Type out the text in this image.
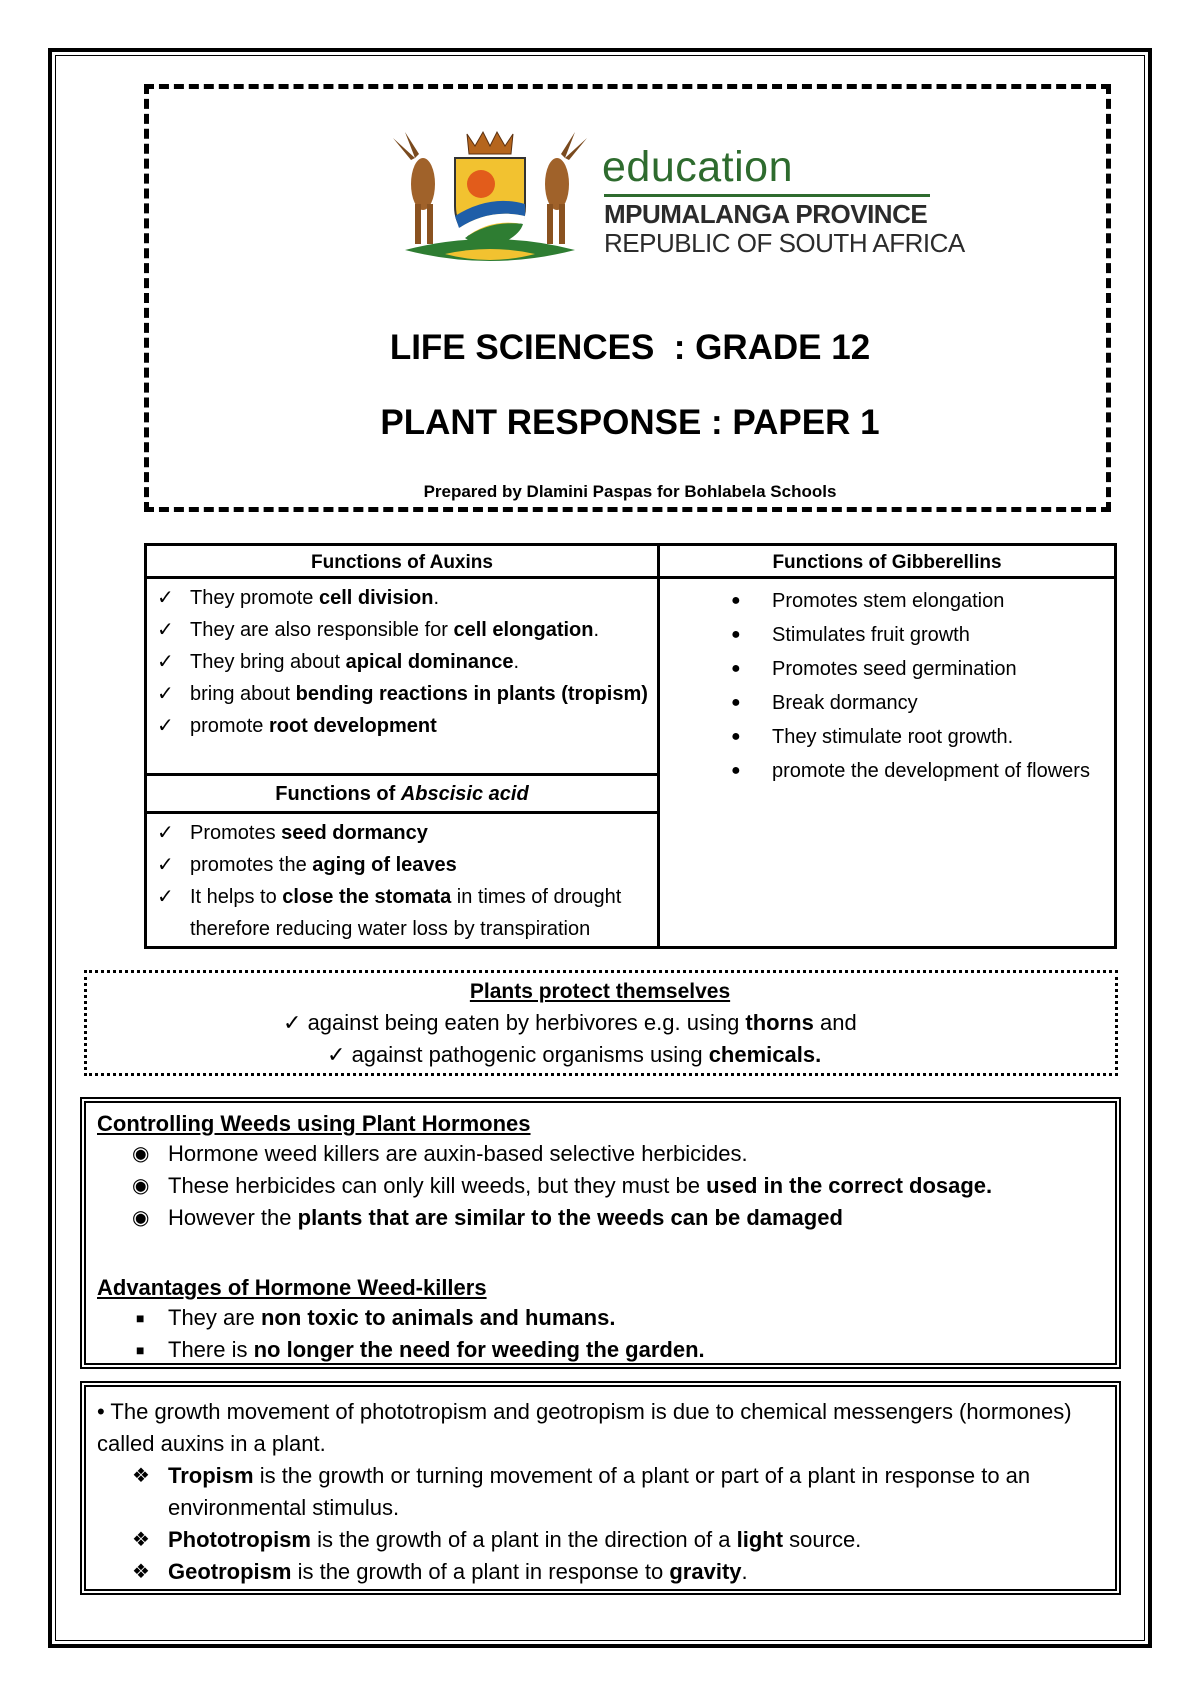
education
MPUMALANGA PROVINCE
REPUBLIC OF SOUTH AFRICA
LIFE SCIENCES  : GRADE 12
PLANT RESPONSE : PAPER 1
Prepared by Dlamini Paspas for Bohlabela Schools
Functions of Auxins	Functions of Gibberellins
✓ They promote cell division.
✓ They are also responsible for cell elongation.
✓ They bring about apical dominance.
✓ bring about bending reactions in plants (tropism)
✓ promote root development
Functions of Abscisic acid
✓ Promotes seed dormancy
✓ promotes the aging of leaves
✓ It helps to close the stomata in times of drought therefore reducing water loss by transpiration
● Promotes stem elongation
● Stimulates fruit growth
● Promotes seed germination
● Break dormancy
● They stimulate root growth.
● promote the development of flowers
Plants protect themselves
✓ against being eaten by herbivores e.g. using thorns and
✓ against pathogenic organisms using chemicals.
Controlling Weeds using Plant Hormones
◉ Hormone weed killers are auxin-based selective herbicides.
◉ These herbicides can only kill weeds, but they must be used in the correct dosage.
◉ However the plants that are similar to the weeds can be damaged
Advantages of Hormone Weed-killers
■ They are non toxic to animals and humans.
■ There is no longer the need for weeding the garden.
• The growth movement of phototropism and geotropism is due to chemical messengers (hormones) called auxins in a plant.
❖ Tropism is the growth or turning movement of a plant or part of a plant in response to an environmental stimulus.
❖ Phototropism is the growth of a plant in the direction of a light source.
❖ Geotropism is the growth of a plant in response to gravity.
